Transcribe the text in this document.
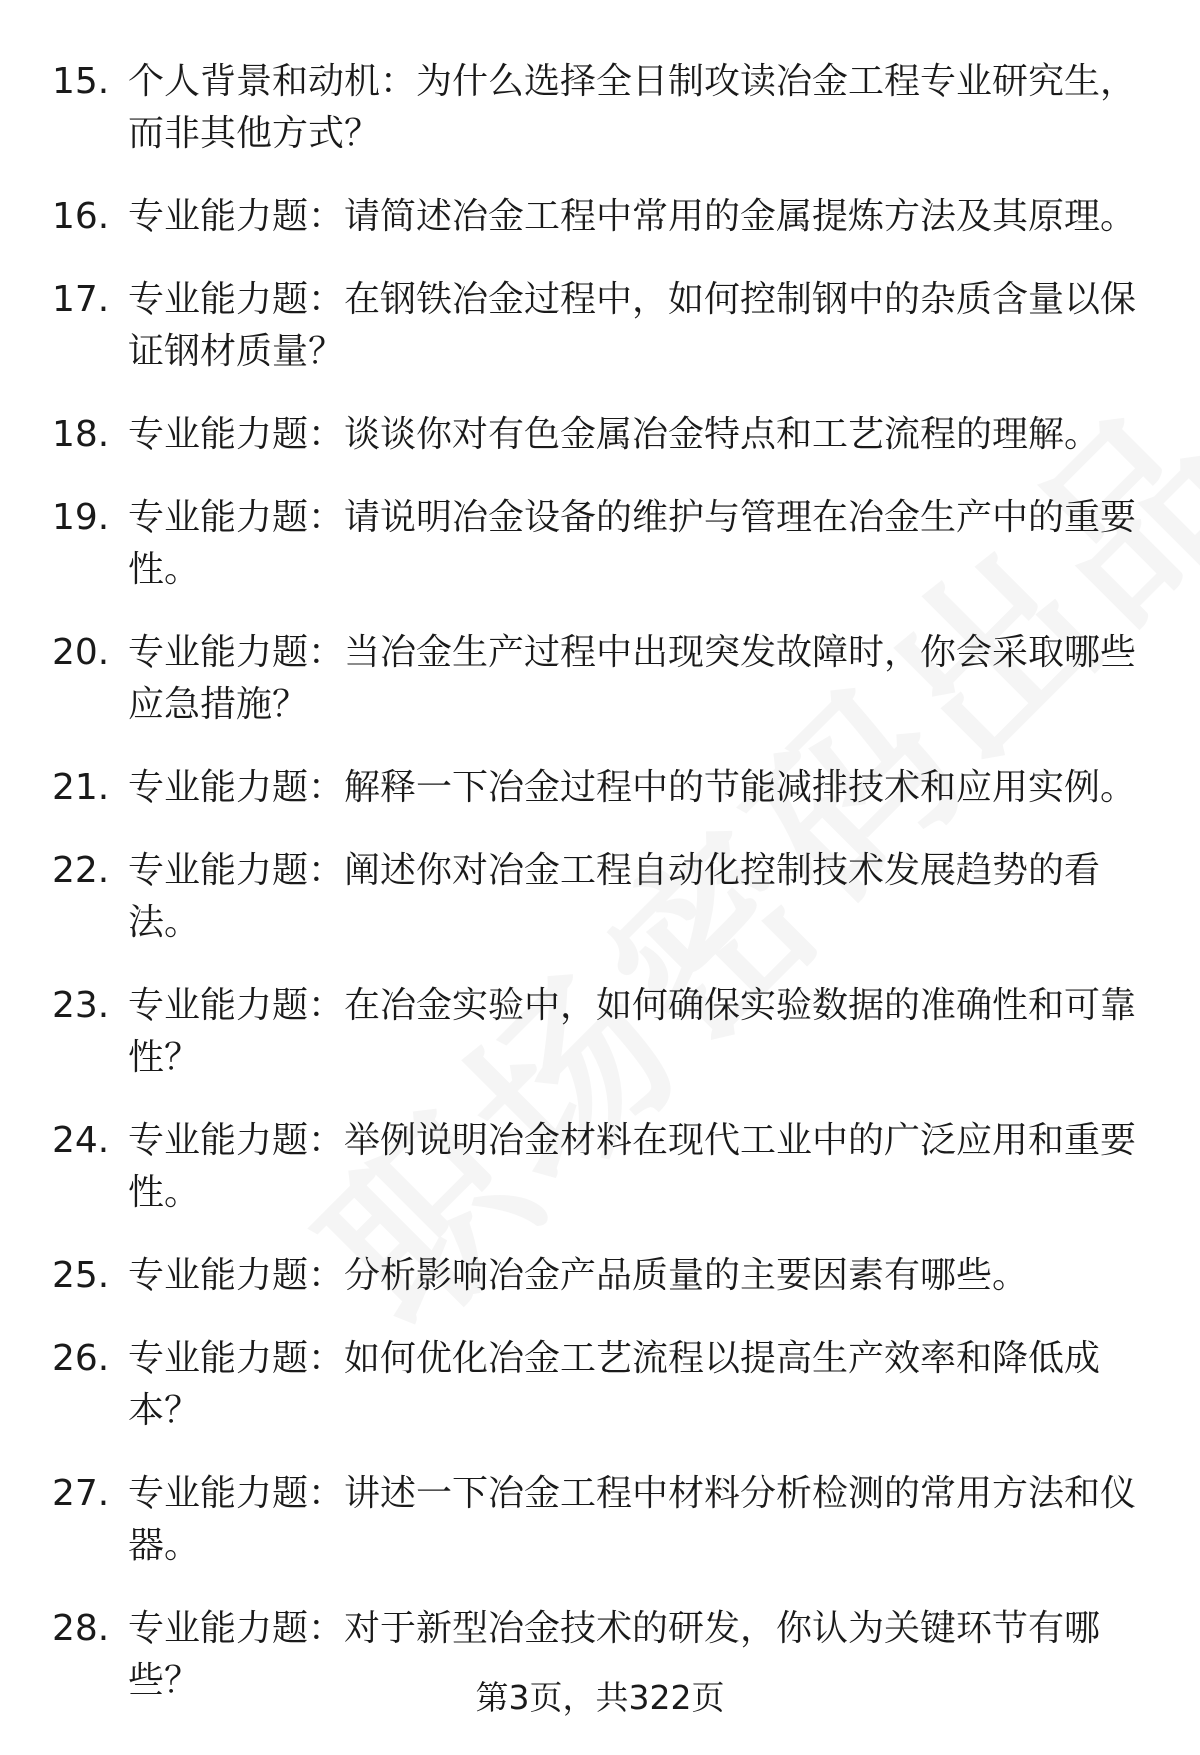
15. 个人背景和动机：为什么选择全日制攻读冶金工程专业研究生，而非其他方式？
16. 专业能力题：请简述冶金工程中常用的金属提炼方法及其原理。
17. 专业能力题：在钢铁冶金过程中，如何控制钢中的杂质含量以保证钢材质量？
18. 专业能力题：谈谈你对有色金属冶金特点和工艺流程的理解。
19. 专业能力题：请说明冶金设备的维护与管理在冶金生产中的重要性。
20. 专业能力题：当冶金生产过程中出现突发故障时，你会采取哪些应急措施？
21. 专业能力题：解释一下冶金过程中的节能减排技术和应用实例。
22. 专业能力题：阐述你对冶金工程自动化控制技术发展趋势的看法。
23. 专业能力题：在冶金实验中，如何确保实验数据的准确性和可靠性？
24. 专业能力题：举例说明冶金材料在现代工业中的广泛应用和重要性。
25. 专业能力题：分析影响冶金产品质量的主要因素有哪些。
26. 专业能力题：如何优化冶金工艺流程以提高生产效率和降低成本？
27. 专业能力题：讲述一下冶金工程中材料分析检测的常用方法和仪器。
28. 专业能力题：对于新型冶金技术的研发，你认为关键环节有哪些？	第3页，共322页
